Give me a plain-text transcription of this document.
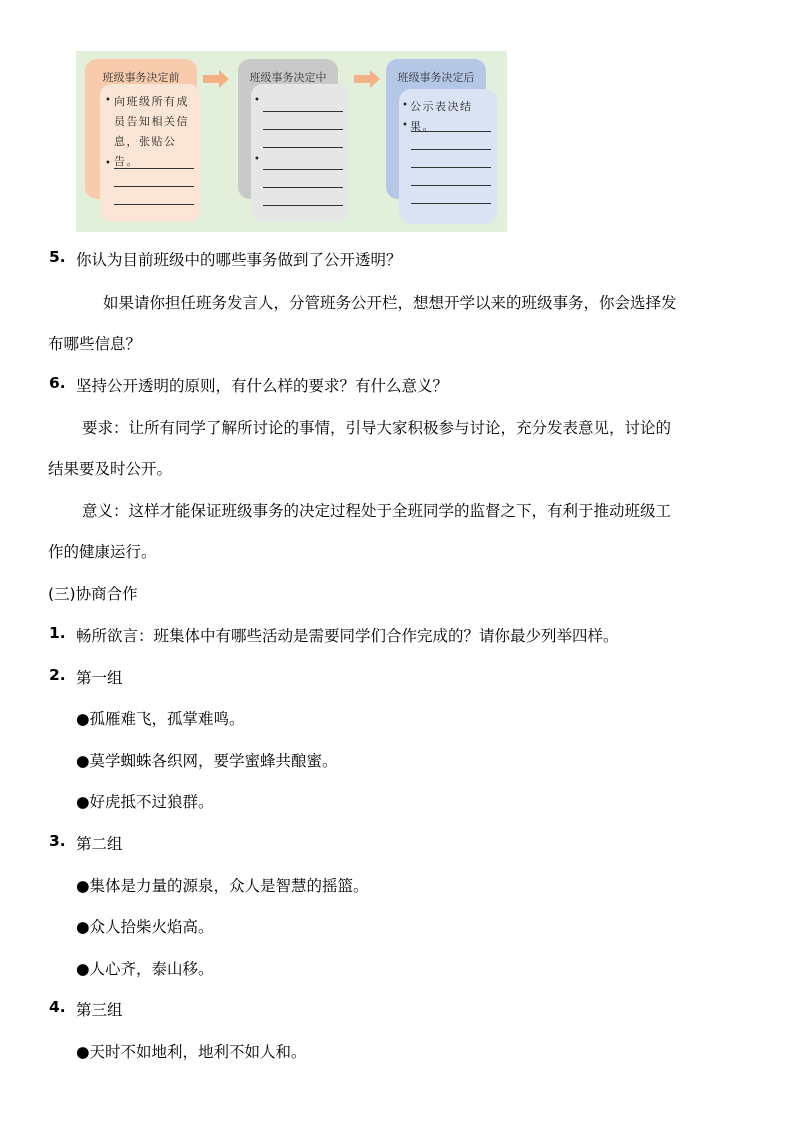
班级事务决定前
• 向班级所有成
员告知相关信
息，张贴公告。
•
班级事务决定中
•
•
班级事务决定后
• 公示表决结果。
•
5. 你认为目前班级中的哪些事务做到了公开透明？
如果请你担任班务发言人，分管班务公开栏，想想开学以来的班级事务，你会选择发
布哪些信息？
6. 坚持公开透明的原则，有什么样的要求？有什么意义？
要求：让所有同学了解所讨论的事情，引导大家积极参与讨论，充分发表意见，讨论的
结果要及时公开。
意义：这样才能保证班级事务的决定过程处于全班同学的监督之下，有利于推动班级工
作的健康运行。
(三)协商合作
1. 畅所欲言：班集体中有哪些活动是需要同学们合作完成的？请你最少列举四样。
2. 第一组
●孤雁难飞，孤掌难鸣。
●莫学蜘蛛各织网，要学蜜蜂共酿蜜。
●好虎抵不过狼群。
3. 第二组
●集体是力量的源泉，众人是智慧的摇篮。
●众人拾柴火焰高。
●人心齐，泰山移。
4. 第三组
●天时不如地利，地利不如人和。
